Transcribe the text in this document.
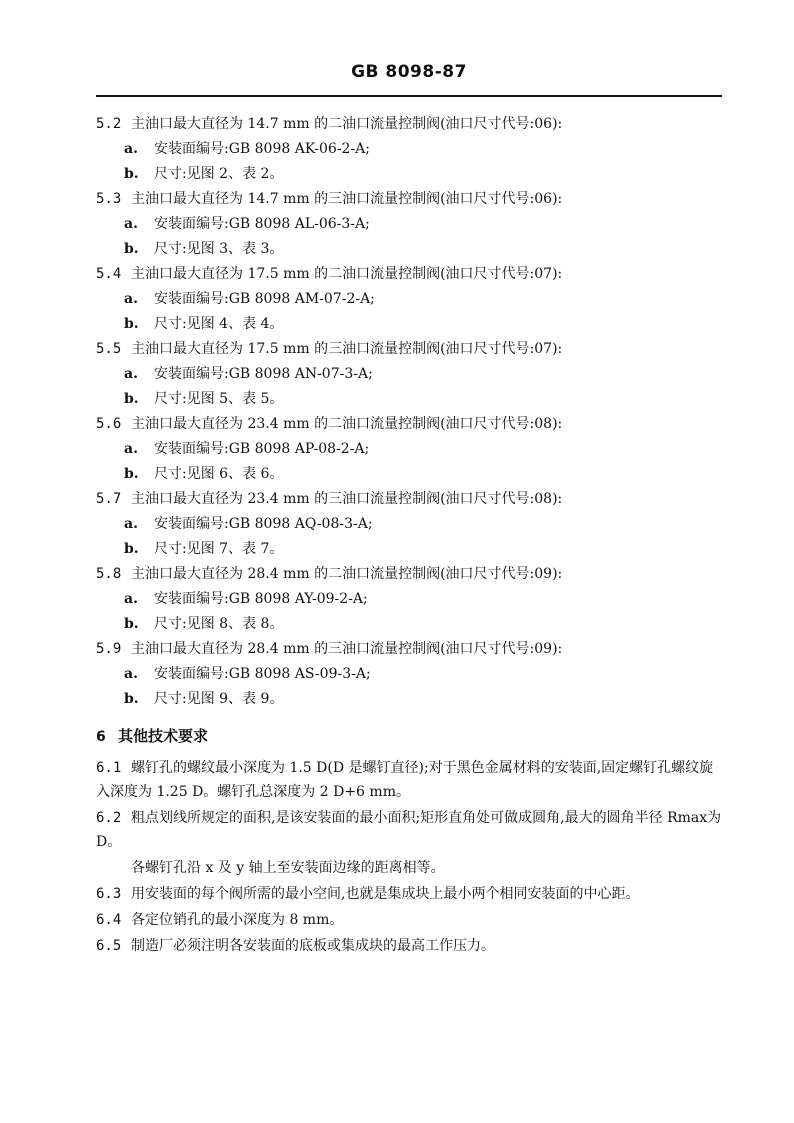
GB 8098-87
5.2 主油口最大直径为 14.7 mm 的二油口流量控制阀(油口尺寸代号:06):
a. 安装面编号:GB 8098 AK-06-2-A;
b. 尺寸:见图 2、表 2。
5.3 主油口最大直径为 14.7 mm 的三油口流量控制阀(油口尺寸代号:06):
a. 安装面编号:GB 8098 AL-06-3-A;
b. 尺寸:见图 3、表 3。
5.4 主油口最大直径为 17.5 mm 的二油口流量控制阀(油口尺寸代号:07):
a. 安装面编号:GB 8098 AM-07-2-A;
b. 尺寸:见图 4、表 4。
5.5 主油口最大直径为 17.5 mm 的三油口流量控制阀(油口尺寸代号:07):
a. 安装面编号:GB 8098 AN-07-3-A;
b. 尺寸:见图 5、表 5。
5.6 主油口最大直径为 23.4 mm 的二油口流量控制阀(油口尺寸代号:08):
a. 安装面编号:GB 8098 AP-08-2-A;
b. 尺寸:见图 6、表 6。
5.7 主油口最大直径为 23.4 mm 的三油口流量控制阀(油口尺寸代号:08):
a. 安装面编号:GB 8098 AQ-08-3-A;
b. 尺寸:见图 7、表 7。
5.8 主油口最大直径为 28.4 mm 的二油口流量控制阀(油口尺寸代号:09):
a. 安装面编号:GB 8098 AY-09-2-A;
b. 尺寸:见图 8、表 8。
5.9 主油口最大直径为 28.4 mm 的三油口流量控制阀(油口尺寸代号:09):
a. 安装面编号:GB 8098 AS-09-3-A;
b. 尺寸:见图 9、表 9。
6 其他技术要求
6.1 螺钉孔的螺纹最小深度为 1.5 D(D 是螺钉直径);对于黑色金属材料的安装面,固定螺钉孔螺纹旋入深度为 1.25 D。螺钉孔总深度为 2 D+6 mm。
6.2 粗点划线所规定的面积,是该安装面的最小面积;矩形直角处可做成圆角,最大的圆角半径 Rmax为 D。
各螺钉孔沿 x 及 y 轴上至安装面边缘的距离相等。
6.3 用安装面的每个阀所需的最小空间,也就是集成块上最小两个相同安装面的中心距。
6.4 各定位销孔的最小深度为 8 mm。
6.5 制造厂必须注明各安装面的底板或集成块的最高工作压力。
